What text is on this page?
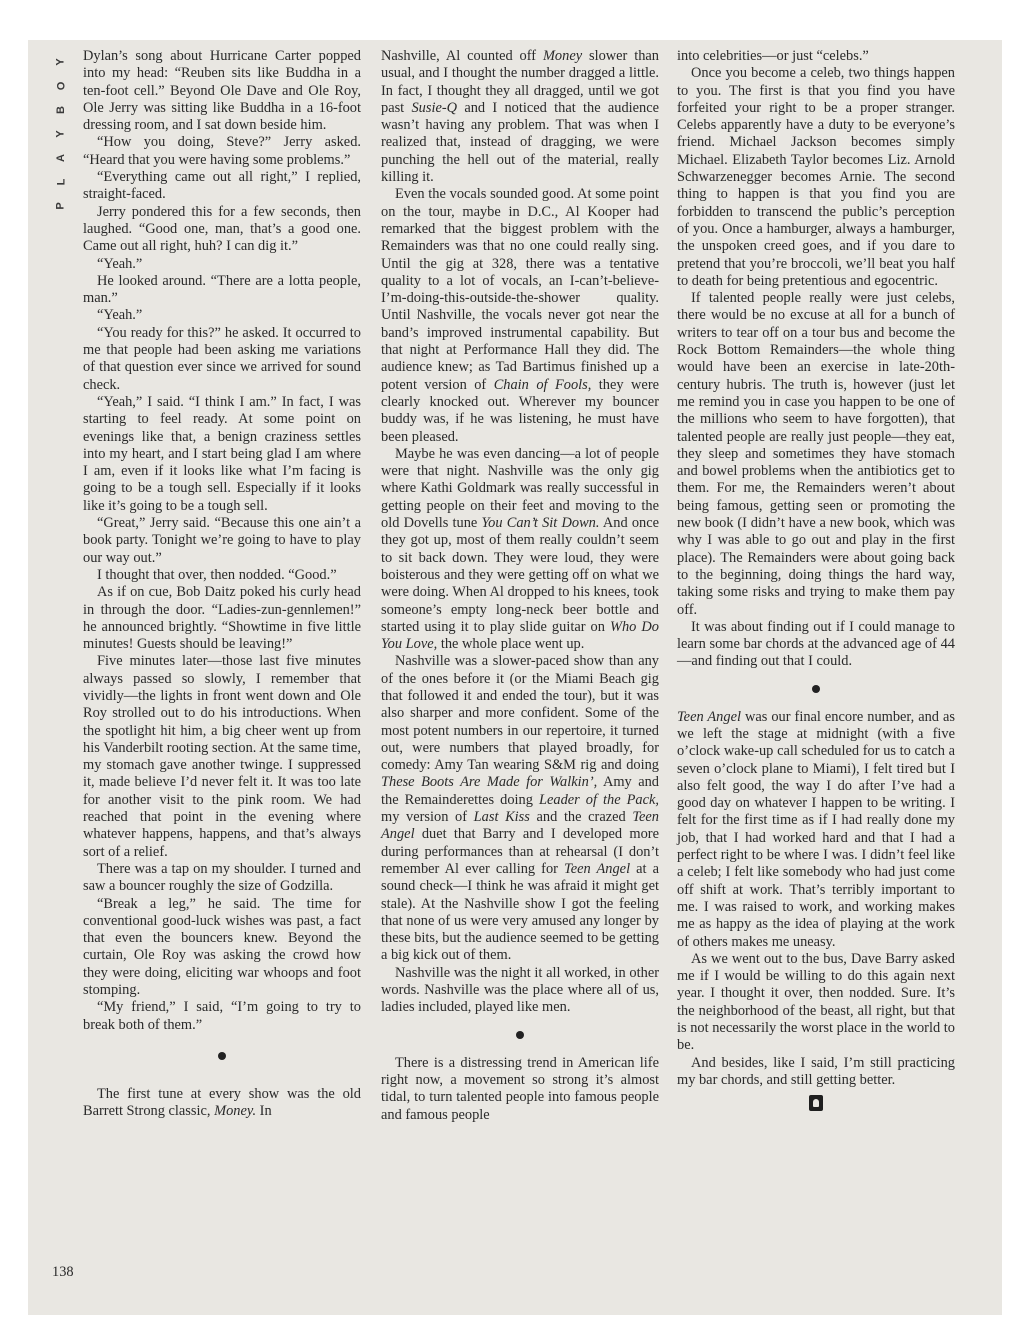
Y
O
B
Y
A
L
P

Dylan’s song about Hurricane Carter popped into my head: “Reuben sits like Buddha in a ten-foot cell.” Beyond Ole Dave and Ole Roy, Ole Jerry was sitting like Buddha in a 16-foot dressing room, and I sat down beside him.

“How you doing, Steve?” Jerry asked. “Heard that you were having some problems.”

“Everything came out all right,” I replied, straight-faced.

Jerry pondered this for a few seconds, then laughed. “Good one, man, that’s a good one. Came out all right, huh? I can dig it.”

“Yeah.”

He looked around. “There are a lotta people, man.”

“Yeah.”

“You ready for this?” he asked. It occurred to me that people had been asking me variations of that question ever since we arrived for sound check.

“Yeah,” I said. “I think I am.” In fact, I was starting to feel ready. At some point on evenings like that, a benign craziness settles into my heart, and I start being glad I am where I am, even if it looks like what I’m facing is going to be a tough sell. Especially if it looks like it’s going to be a tough sell.

“Great,” Jerry said. “Because this one ain’t a book party. Tonight we’re going to have to play our way out.”

I thought that over, then nodded. “Good.”

As if on cue, Bob Daitz poked his curly head in through the door. “Ladies-zun-gennlemen!” he announced brightly. “Showtime in five little minutes! Guests should be leaving!”

Five minutes later—those last five minutes always passed so slowly, I remember that vividly—the lights in front went down and Ole Roy strolled out to do his introductions. When the spotlight hit him, a big cheer went up from his Vanderbilt rooting section. At the same time, my stomach gave another twinge. I suppressed it, made believe I’d never felt it. It was too late for another visit to the pink room. We had reached that point in the evening where whatever happens, happens, and that’s always sort of a relief.

There was a tap on my shoulder. I turned and saw a bouncer roughly the size of Godzilla.

“Break a leg,” he said. The time for conventional good-luck wishes was past, a fact that even the bouncers knew. Beyond the curtain, Ole Roy was asking the crowd how they were doing, eliciting war whoops and foot stomping.

“My friend,” I said, “I’m going to try to break both of them.”

The first tune at every show was the old Barrett Strong classic, Money. In

Nashville, Al counted off Money slower than usual, and I thought the number dragged a little. In fact, I thought they all dragged, until we got past Susie-Q and I noticed that the audience wasn’t having any problem. That was when I realized that, instead of dragging, we were punching the hell out of the material, really killing it.

Even the vocals sounded good. At some point on the tour, maybe in D.C., Al Kooper had remarked that the biggest problem with the Remainders was that no one could really sing. Until the gig at 328, there was a tentative quality to a lot of vocals, an I-can’t-believe-I’m-doing-this-outside-the-shower quality. Until Nashville, the vocals never got near the band’s improved instrumental capability. But that night at Performance Hall they did. The audience knew; as Tad Bartimus finished up a potent version of Chain of Fools, they were clearly knocked out. Wherever my bouncer buddy was, if he was listening, he must have been pleased.

Maybe he was even dancing—a lot of people were that night. Nashville was the only gig where Kathi Goldmark was really successful in getting people on their feet and moving to the old Dovells tune You Can’t Sit Down. And once they got up, most of them really couldn’t seem to sit back down. They were loud, they were boisterous and they were getting off on what we were doing. When Al dropped to his knees, took someone’s empty long-neck beer bottle and started using it to play slide guitar on Who Do You Love, the whole place went up.

Nashville was a slower-paced show than any of the ones before it (or the Miami Beach gig that followed it and ended the tour), but it was also sharper and more confident. Some of the most potent numbers in our repertoire, it turned out, were numbers that played broadly, for comedy: Amy Tan wearing S&M rig and doing These Boots Are Made for Walkin’, Amy and the Remainderettes doing Leader of the Pack, my version of Last Kiss and the crazed Teen Angel duet that Barry and I developed more during performances than at rehearsal (I don’t remember Al ever calling for Teen Angel at a sound check—I think he was afraid it might get stale). At the Nashville show I got the feeling that none of us were very amused any longer by these bits, but the audience seemed to be getting a big kick out of them.

Nashville was the night it all worked, in other words. Nashville was the place where all of us, ladies included, played like men.

There is a distressing trend in American life right now, a movement so strong it’s almost tidal, to turn talented people into famous people and famous people

into celebrities—or just “celebs.”

Once you become a celeb, two things happen to you. The first is that you find you have forfeited your right to be a proper stranger. Celebs apparently have a duty to be everyone’s friend. Michael Jackson becomes simply Michael. Elizabeth Taylor becomes Liz. Arnold Schwarzenegger becomes Arnie. The second thing to happen is that you find you are forbidden to transcend the public’s perception of you. Once a hamburger, always a hamburger, the unspoken creed goes, and if you dare to pretend that you’re broccoli, we’ll beat you half to death for being pretentious and egocentric.

If talented people really were just celebs, there would be no excuse at all for a bunch of writers to tear off on a tour bus and become the Rock Bottom Remainders—the whole thing would have been an exercise in late-20th-century hubris. The truth is, however (just let me remind you in case you happen to be one of the millions who seem to have forgotten), that talented people are really just people—they eat, they sleep and sometimes they have stomach and bowel problems when the antibiotics get to them. For me, the Remainders weren’t about being famous, getting seen or promoting the new book (I didn’t have a new book, which was why I was able to go out and play in the first place). The Remainders were about going back to the beginning, doing things the hard way, taking some risks and trying to make them pay off.

It was about finding out if I could manage to learn some bar chords at the advanced age of 44—and finding out that I could.

Teen Angel was our final encore number, and as we left the stage at midnight (with a five o’clock wake-up call scheduled for us to catch a seven o’clock plane to Miami), I felt tired but I also felt good, the way I do after I’ve had a good day on whatever I happen to be writing. I felt for the first time as if I had really done my job, that I had worked hard and that I had a perfect right to be where I was. I didn’t feel like a celeb; I felt like somebody who had just come off shift at work. That’s terribly important to me. I was raised to work, and working makes me as happy as the idea of playing at the work of others makes me uneasy.

As we went out to the bus, Dave Barry asked me if I would be willing to do this again next year. I thought it over, then nodded. Sure. It’s the neighborhood of the beast, all right, but that is not necessarily the worst place in the world to be.

And besides, like I said, I’m still practicing my bar chords, and still getting better.

138
